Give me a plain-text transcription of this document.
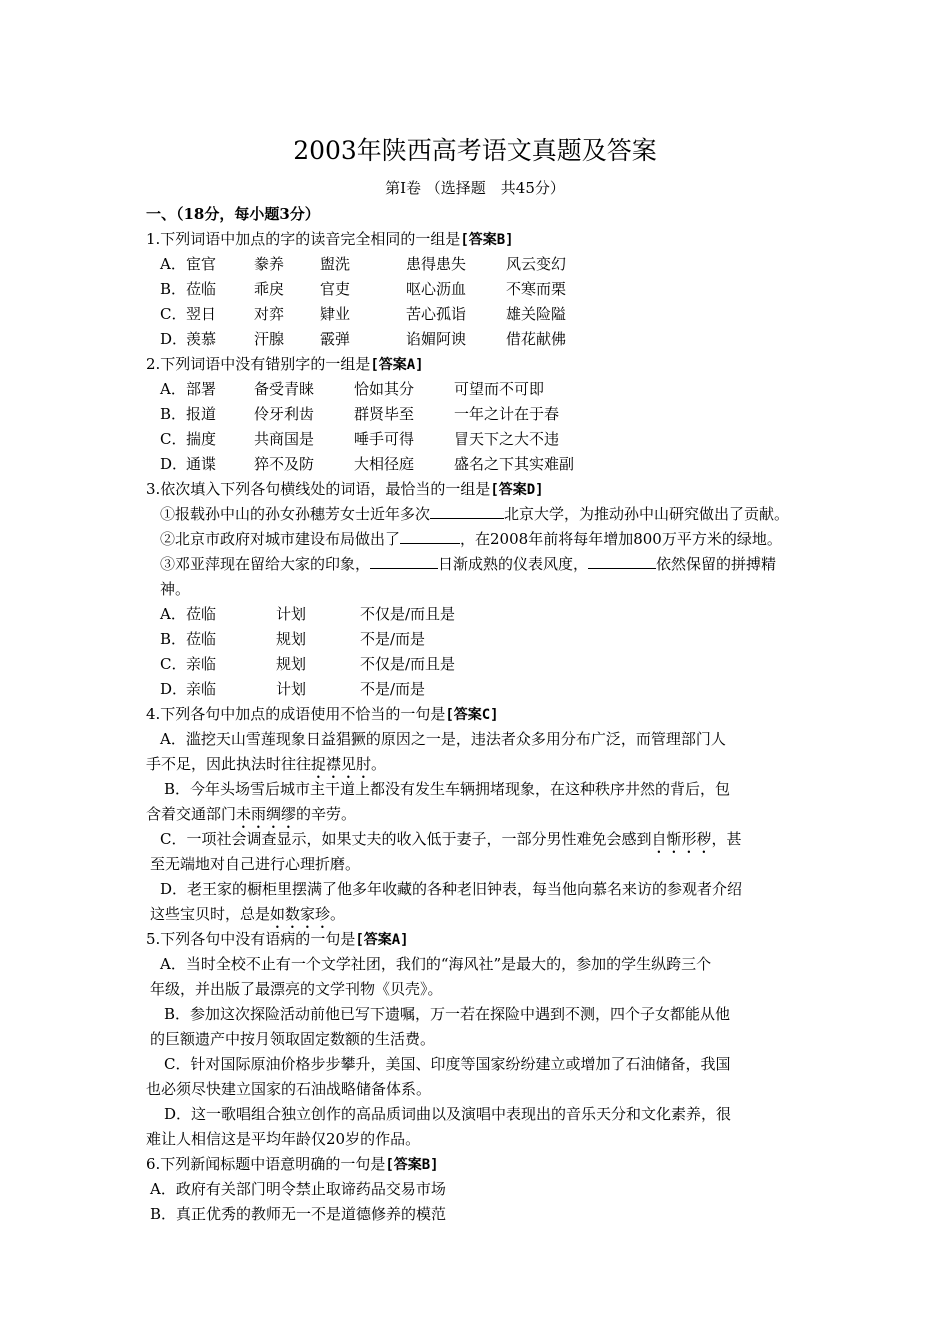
2003年陕西高考语文真题及答案
第Ⅰ卷 （选择题　共45分）
一、（18分，每小题3分）
1.下列词语中加点的字的读音完全相同的一组是[答案B]
A．宦官	豢养 盥洗	患得患失	风云变幻
B．莅临	乖戾 官吏	呕心沥血	不寒而栗
C．翌日	对弈 肄业	苦心孤诣	雄关险隘
D．羡慕	汗腺 霰弹	谄媚阿谀	借花献佛
2.下列词语中没有错别字的一组是[答案A]
A．部署	备受青睐	恰如其分	可望而不可即
B．报道	伶牙利齿	群贤毕至	一年之计在于春
C．揣度	共商国是	唾手可得	冒天下之大不违
D．通谍	猝不及防	大相径庭	盛名之下其实难副
3.依次填入下列各句横线处的词语，最恰当的一组是[答案D]
①报载孙中山的孙女孙穗芳女士近年多次	北京大学，为推动孙中山研究做出了贡献。
②北京市政府对城市建设布局做出了	，在2008年前将每年增加800万平方米的绿地。
③邓亚萍现在留给大家的印象，	日渐成熟的仪表风度，	依然保留的拼搏精
神。
A．莅临	计划	不仅是/而且是
B．莅临	规划	不是/而是
C．亲临	规划	不仅是/而且是
D．亲临	计划	不是/而是
4.下列各句中加点的成语使用不恰当的一句是[答案C]
A．滥挖天山雪莲现象日益猖獗的原因之一是，违法者众多用分布广泛，而管理部门人
手不足，因此执法时往往捉襟见肘。
B．今年头场雪后城市主干道上都没有发生车辆拥堵现象，在这种秩序井然的背后，包
含着交通部门未雨绸缪的辛劳。
C．一项社会调查显示，如果丈夫的收入低于妻子，一部分男性难免会感到自惭形秽，甚
至无端地对自己进行心理折磨。
D．老王家的橱柜里摆满了他多年收藏的各种老旧钟表，每当他向慕名来访的参观者介绍
这些宝贝时，总是如数家珍。
5.下列各句中没有语病的一句是[答案A]
A．当时全校不止有一个文学社团，我们的“海风社”是最大的，参加的学生纵跨三个
年级，并出版了最漂亮的文学刊物《贝壳》。
B．参加这次探险活动前他已写下遗嘱，万一若在探险中遇到不测，四个子女都能从他
的巨额遗产中按月领取固定数额的生活费。
C．针对国际原油价格步步攀升，美国、印度等国家纷纷建立或增加了石油储备，我国
也必须尽快建立国家的石油战略储备体系。
D．这一歌唱组合独立创作的高品质词曲以及演唱中表现出的音乐天分和文化素养，很
难让人相信这是平均年龄仅20岁的作品。
6.下列新闻标题中语意明确的一句是[答案B]
A．政府有关部门明令禁止取谛药品交易市场
B．真正优秀的教师无一不是道德修养的模范
